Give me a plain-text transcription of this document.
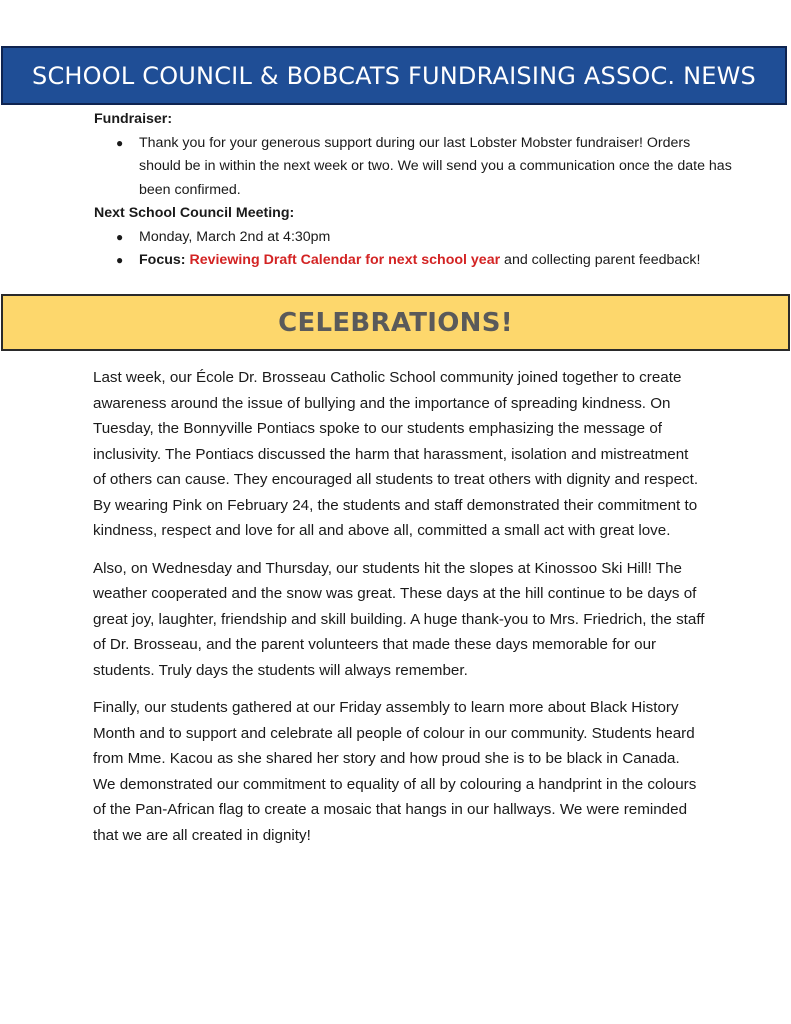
SCHOOL COUNCIL & BOBCATS FUNDRAISING ASSOC. NEWS
Fundraiser:
● Thank you for your generous support during our last Lobster Mobster fundraiser! Orders should be in within the next week or two. We will send you a communication once the date has been confirmed.
Next School Council Meeting:
● Monday, March 2nd at 4:30pm
● Focus: Reviewing Draft Calendar for next school year and collecting parent feedback!
CELEBRATIONS!

Last week, our École Dr. Brosseau Catholic School community joined together to create awareness around the issue of bullying and the importance of spreading kindness. On Tuesday, the Bonnyville Pontiacs spoke to our students emphasizing the message of inclusivity. The Pontiacs discussed the harm that harassment, isolation and mistreatment of others can cause. They encouraged all students to treat others with dignity and respect. By wearing Pink on February 24, the students and staff demonstrated their commitment to kindness, respect and love for all and above all, committed a small act with great love.

Also, on Wednesday and Thursday, our students hit the slopes at Kinossoo Ski Hill! The weather cooperated and the snow was great. These days at the hill continue to be days of great joy, laughter, friendship and skill building. A huge thank-you to Mrs. Friedrich, the staff of Dr. Brosseau, and the parent volunteers that made these days memorable for our students. Truly days the students will always remember.

Finally, our students gathered at our Friday assembly to learn more about Black History Month and to support and celebrate all people of colour in our community. Students heard from Mme. Kacou as she shared her story and how proud she is to be black in Canada. We demonstrated our commitment to equality of all by colouring a handprint in the colours of the Pan-African flag to create a mosaic that hangs in our hallways. We were reminded that we are all created in dignity!
